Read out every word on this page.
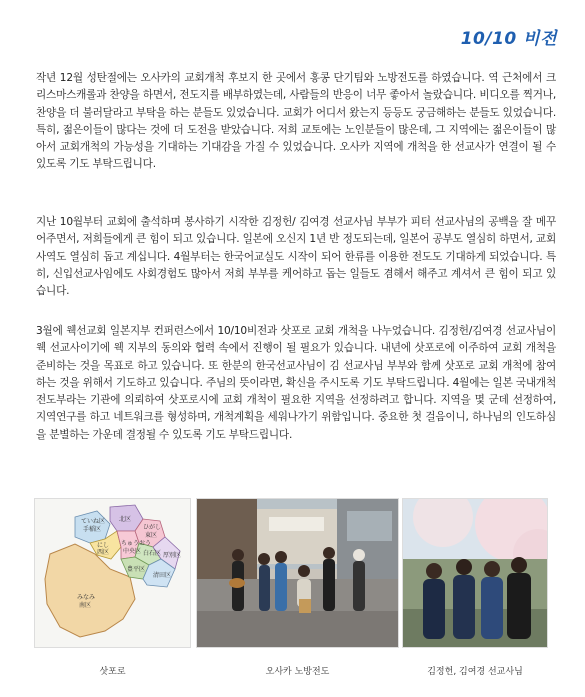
10/10 비전

작년 12월 성탄절에는 오사카의 교회개척 후보지 한 곳에서 홍콩 단기팀와 노방전도를 하였습니다. 역 근처에서 크리스마스캐롤과 찬양을 하면서, 전도지를 배부하였는데, 사람들의 반응이 너무 좋아서 놀랐습니다. 비디오를 찍거나, 찬양을 더 불러달라고 부탁을 하는 분들도 있었습니다. 교회가 어디서 왔는지 등등도 궁금해하는 분들도 있었습니다. 특히, 젊은이들이 많다는 것에 더 도전을 받았습니다. 저희 교토에는 노인분들이 많은데, 그 지역에는 젊은이들이 많아서 교회개척의 가능성을 기대하는 기대감을 가질 수 있었습니다. 오사카 지역에 개척을 한 선교사가 연결이 될 수 있도록 기도 부탁드립니다.

지난 10월부터 교회에 출석하며 봉사하기 시작한 김정헌/ 김여경 선교사님 부부가 피터 선교사님의 공백을 잘 메꾸어주면서, 저희들에게 큰 힘이 되고 있습니다. 일본에 오신지 1년 반 정도되는데, 일본어 공부도 열심히 하면서, 교회 사역도 열심히 돕고 계십니다. 4월부터는 한국어교실도 시작이 되어 한류를 이용한 전도도 기대하게 되었습니다. 특히, 신입선교사임에도 사회경험도 많아서 저희 부부를 케어하고 돕는 일들도 겸해서 해주고 계셔서 큰 힘이 되고 있습니다.

3월에 웩선교회 일본지부 컨퍼런스에서 10/10비전과 삿포로 교회 개척을 나누었습니다. 김정헌/김여경 선교사님이 웩 선교사이기에 웩 지부의 동의와 협력 속에서 진행이 될 필요가 있습니다. 내년에 삿포로에 이주하여 교회 개척을 준비하는 것을 목표로 하고 있습니다. 또 한분의 한국선교사님이 김 선교사님 부부와 함께 삿포로 교회 개척에 참여하는 것을 위해서 기도하고 있습니다. 주님의 뜻이라면, 확신을 주시도록 기도 부탁드립니다. 4월에는 일본 국내개척전도부라는 기관에 의뢰하여 삿포로시에 교회 개척이 필요한 지역을 선정하려고 합니다. 지역을 몇 군데 선정하여, 지역연구를 하고 네트워크를 형성하며, 개척계획을 세워나가기 위함입니다. 중요한 첫 걸음이니, 하나님의 인도하심을 분별하는 가운데 결정될 수 있도록 기도 부탁드립니다.

ていね区
手稲区
北区
ひがし
東区
にし
西区
ちゅうおう
中央区 白石区 厚別区
豊平区
清田区
みなみ
南区
삿포로	오사카 노방전도	김정헌, 김여경 선교사님
